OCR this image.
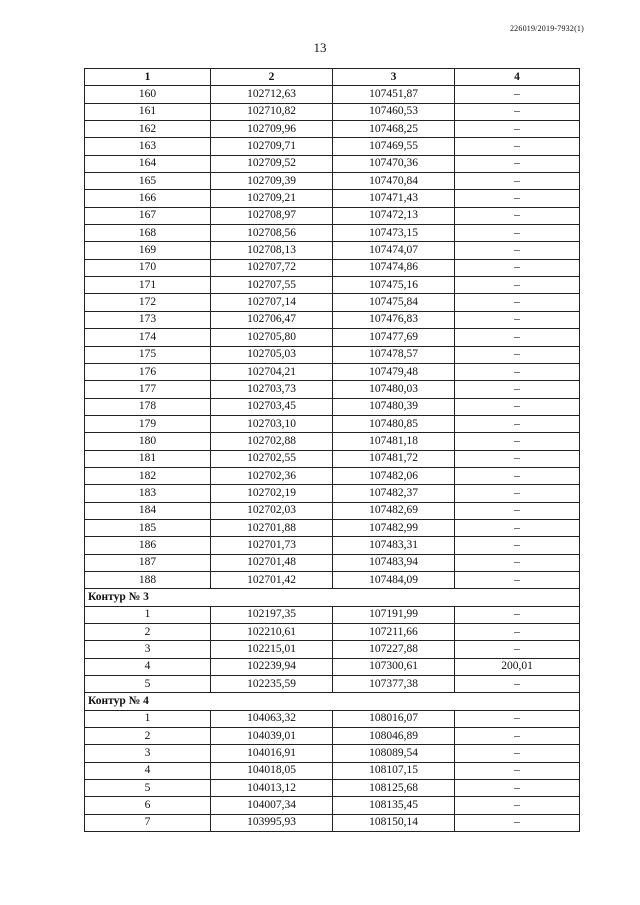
226019/2019-7932(1)
13
1	2	3	4
160	102712,63	107451,87	–
161	102710,82	107460,53	–
162	102709,96	107468,25	–
163	102709,71	107469,55	–
164	102709,52	107470,36	–
165	102709,39	107470,84	–
166	102709,21	107471,43	–
167	102708,97	107472,13	–
168	102708,56	107473,15	–
169	102708,13	107474,07	–
170	102707,72	107474,86	–
171	102707,55	107475,16	–
172	102707,14	107475,84	–
173	102706,47	107476,83	–
174	102705,80	107477,69	–
175	102705,03	107478,57	–
176	102704,21	107479,48	–
177	102703,73	107480,03	–
178	102703,45	107480,39	–
179	102703,10	107480,85	–
180	102702,88	107481,18	–
181	102702,55	107481,72	–
182	102702,36	107482,06	–
183	102702,19	107482,37	–
184	102702,03	107482,69	–
185	102701,88	107482,99	–
186	102701,73	107483,31	–
187	102701,48	107483,94	–
188	102701,42	107484,09	–
Контур № 3			
1	102197,35	107191,99	–
2	102210,61	107211,66	–
3	102215,01	107227,88	–
4	102239,94	107300,61	200,01
5	102235,59	107377,38	–
Контур № 4			
1	104063,32	108016,07	–
2	104039,01	108046,89	–
3	104016,91	108089,54	–
4	104018,05	108107,15	–
5	104013,12	108125,68	–
6	104007,34	108135,45	–
7	103995,93	108150,14	–
